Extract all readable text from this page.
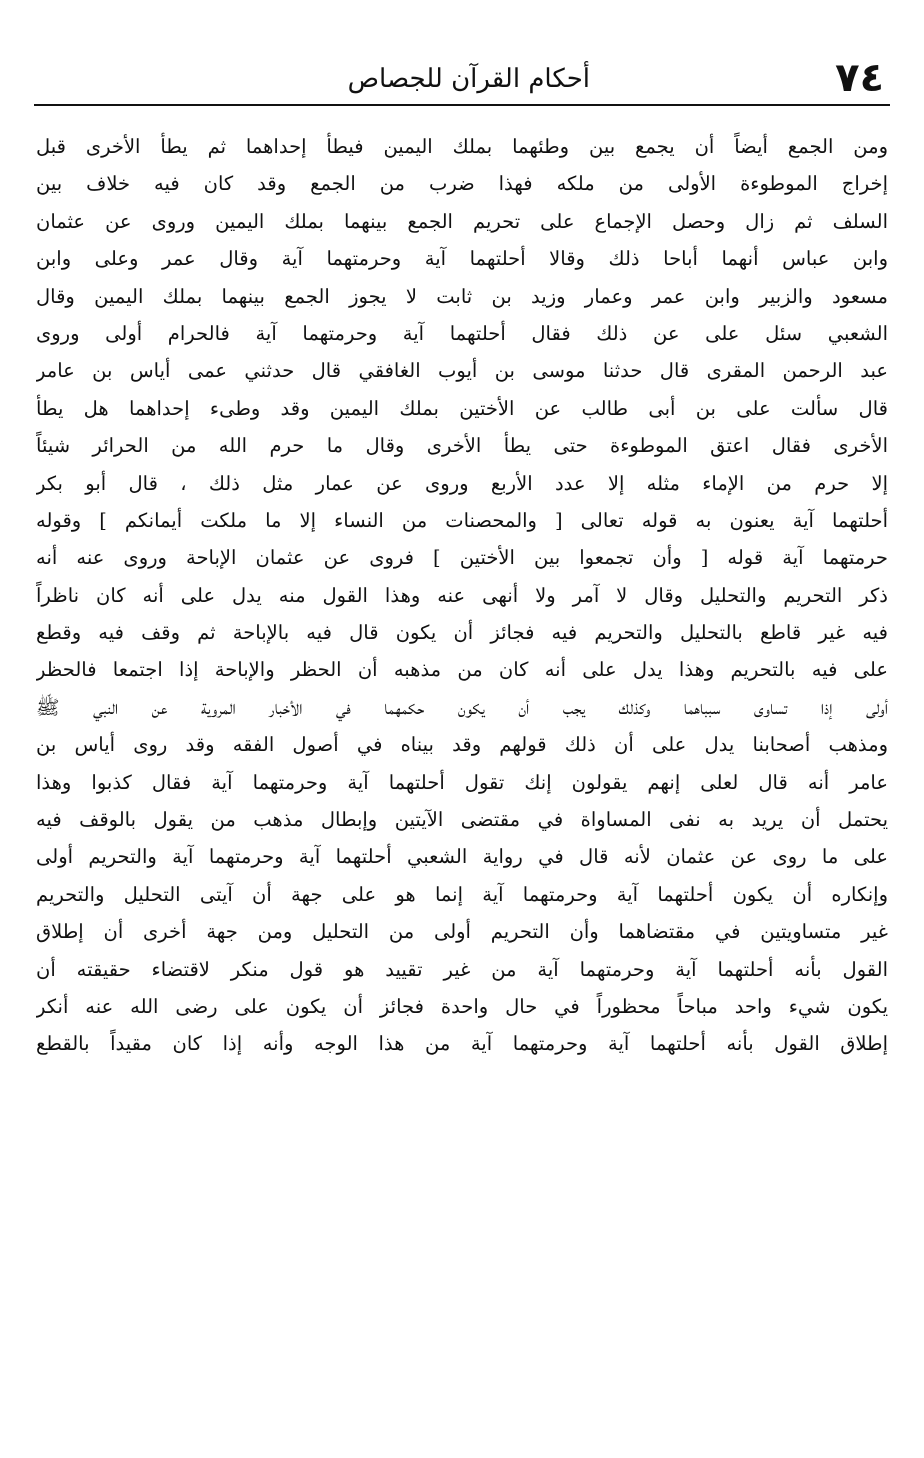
٧٤
أحكام القرآن للجصاص
ومن الجمع أيضاً أن يجمع بين وطئهما بملك اليمين فيطأ إحداهما ثم يطأ الأخرى قبل
إخراج الموطوءة الأولى من ملكه فهذا ضرب من الجمع وقد كان فيه خلاف بين
السلف ثم زال وحصل الإجماع على تحريم الجمع بينهما بملك اليمين وروى عن عثمان
وابن عباس أنهما أباحا ذلك وقالا أحلتهما آية وحرمتهما آية وقال عمر وعلى وابن
مسعود والزبير وابن عمر وعمار وزيد بن ثابت لا يجوز الجمع بينهما بملك اليمين وقال
الشعبي سئل على عن ذلك فقال أحلتهما آية وحرمتهما آية فالحرام أولى وروى
عبد الرحمن المقرى قال حدثنا موسى بن أيوب الغافقي قال حدثني عمى أياس بن عامر
قال سألت على بن أبى طالب عن الأختين بملك اليمين وقد وطىء إحداهما هل يطأ
الأخرى فقال اعتق الموطوءة حتى يطأ الأخرى وقال ما حرم الله من الحرائر شيئاً
إلا حرم من الإماء مثله إلا عدد الأربع وروى عن عمار مثل ذلك ، قال أبو بكر
أحلتهما آية يعنون به قوله تعالى [ والمحصنات من النساء إلا ما ملكت أيمانكم ] وقوله
حرمتهما آية قوله [ وأن تجمعوا بين الأختين ] فروى عن عثمان الإباحة وروى عنه أنه
ذكر التحريم والتحليل وقال لا آمر ولا أنهى عنه وهذا القول منه يدل على أنه كان ناظراً
فيه غير قاطع بالتحليل والتحريم فيه فجائز أن يكون قال فيه بالإباحة ثم وقف فيه وقطع
على فيه بالتحريم وهذا يدل على أنه كان من مذهبه أن الحظر والإباحة إذا اجتمعا فالحظر
أولى إذا تساوى سبباهما وكذلك يجب أن يكون حكمهما في الأخبار المروية عن النبي ﷺ
ومذهب أصحابنا يدل على أن ذلك قولهم وقد بيناه في أصول الفقه وقد روى أياس بن
عامر أنه قال لعلى إنهم يقولون إنك تقول أحلتهما آية وحرمتهما آية فقال كذبوا وهذا
يحتمل أن يريد به نفى المساواة في مقتضى الآيتين وإبطال مذهب من يقول بالوقف فيه
على ما روى عن عثمان لأنه قال في رواية الشعبي أحلتهما آية وحرمتهما آية والتحريم أولى
وإنكاره أن يكون أحلتهما آية وحرمتهما آية إنما هو على جهة أن آيتى التحليل والتحريم
غير متساويتين في مقتضاهما وأن التحريم أولى من التحليل ومن جهة أخرى أن إطلاق
القول بأنه أحلتهما آية وحرمتهما آية من غير تقييد هو قول منكر لاقتضاء حقيقته أن
يكون شيء واحد مباحاً محظوراً في حال واحدة فجائز أن يكون على رضى الله عنه أنكر
إطلاق القول بأنه أحلتهما آية وحرمتهما آية من هذا الوجه وأنه إذا كان مقيداً بالقطع
